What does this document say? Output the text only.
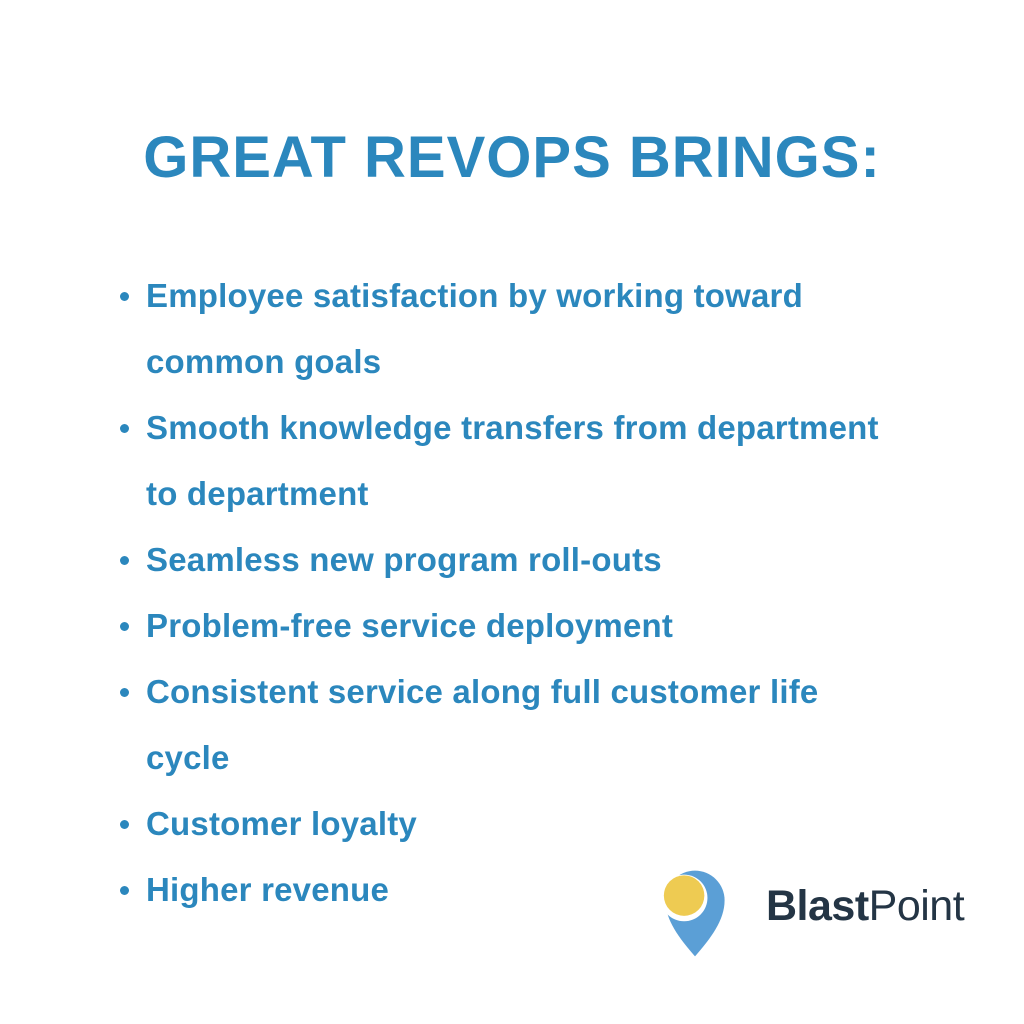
GREAT REVOPS BRINGS:
Employee satisfaction by working toward
common goals
Smooth knowledge transfers from department
to department
Seamless new program roll-outs
Problem-free service deployment
Consistent service along full customer life
cycle
Customer loyalty
Higher revenue	BlastPoint
